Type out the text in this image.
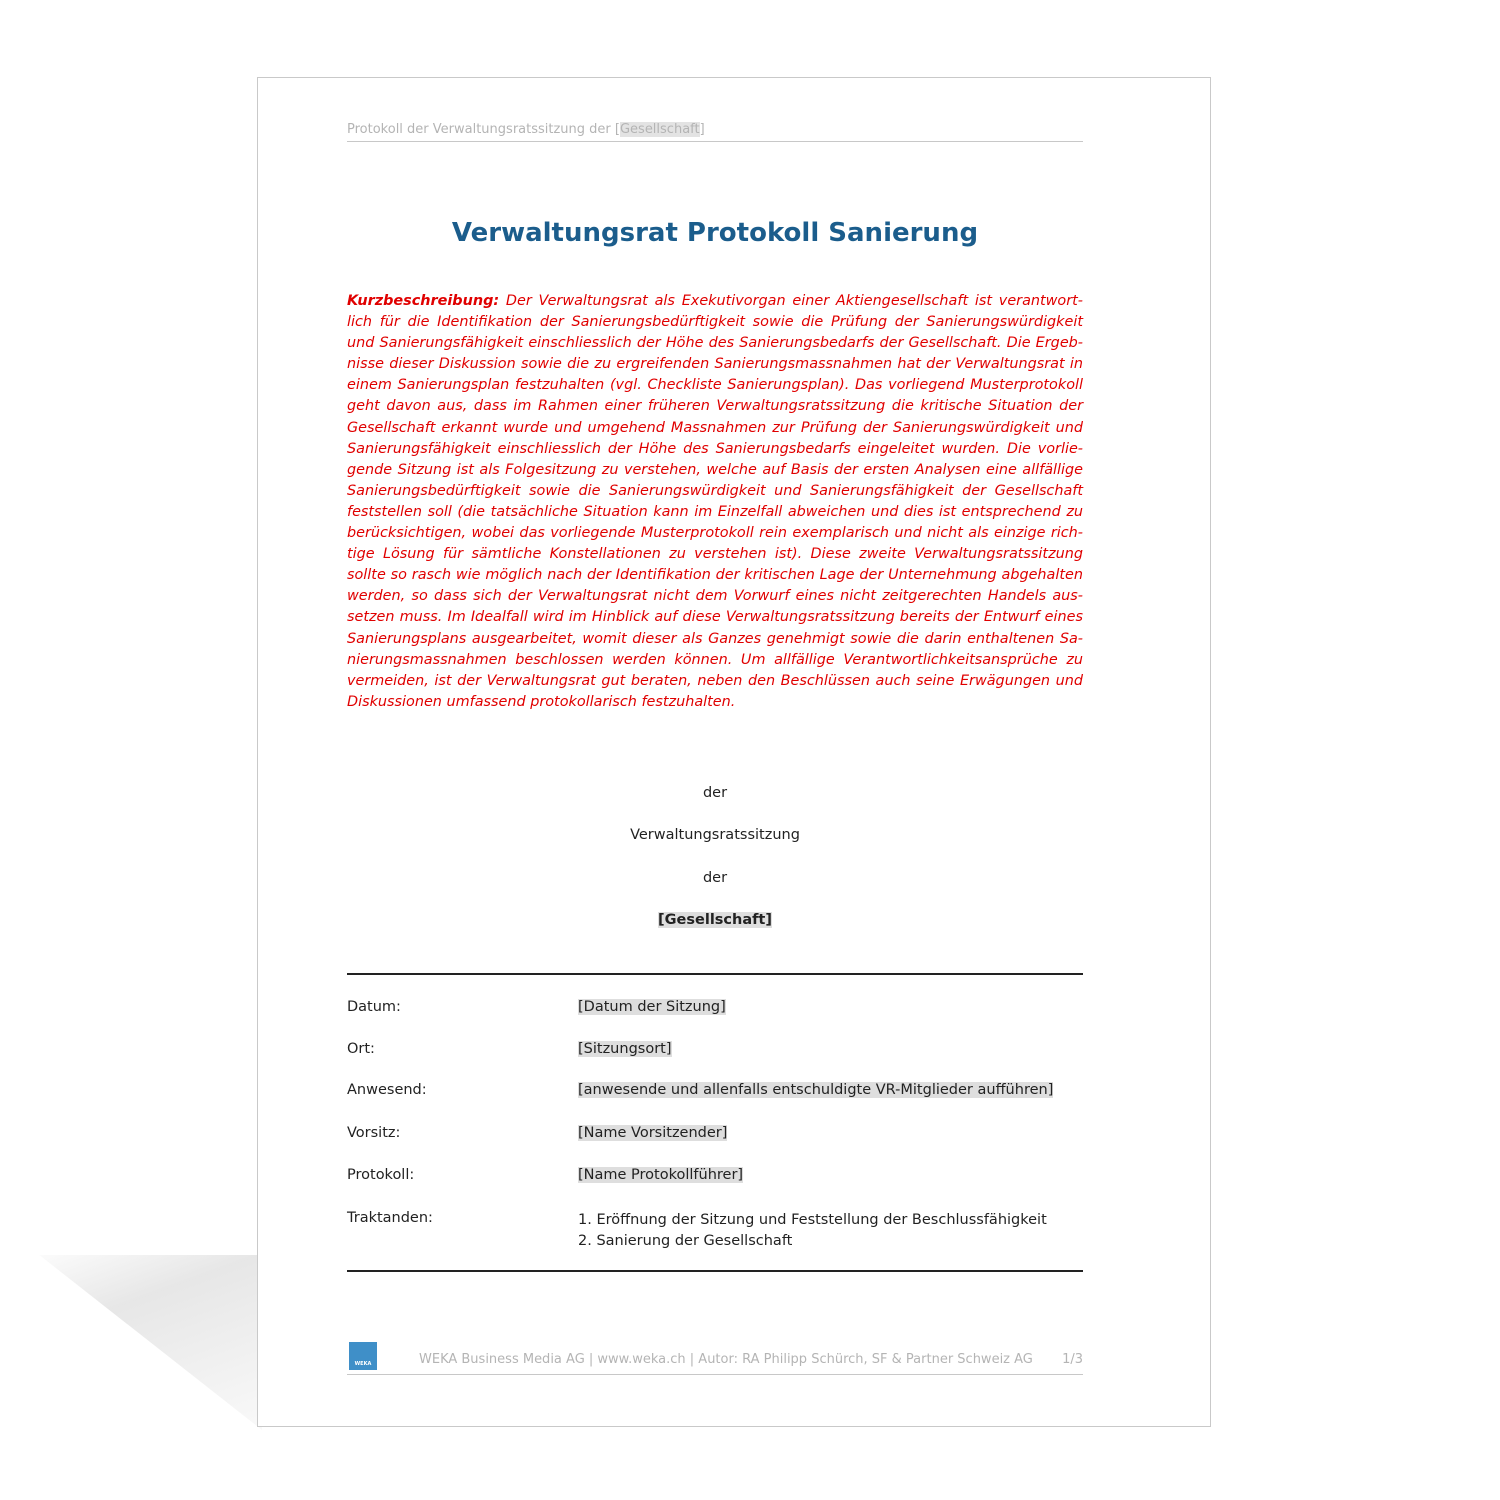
Protokoll der Verwaltungsratssitzung der [Gesellschaft]
Verwaltungsrat Protokoll Sanierung

Kurzbeschreibung: Der Verwaltungsrat als Exekutivorgan einer Aktiengesellschaft ist verantwort-lich für die Identifikation der Sanierungsbedürftigkeit sowie die Prüfung der Sanierungswürdigkeit und Sanierungsfähigkeit einschliesslich der Höhe des Sanierungsbedarfs der Gesellschaft. Die Ergeb-nisse dieser Diskussion sowie die zu ergreifenden Sanierungsmassnahmen hat der Verwaltungsrat in einem Sanierungsplan festzuhalten (vgl. Checkliste Sanierungsplan). Das vorliegend Musterprotokoll geht davon aus, dass im Rahmen einer früheren Verwaltungsratssitzung die kritische Situation der Gesellschaft erkannt wurde und umgehend Massnahmen zur Prüfung der Sanierungswürdigkeit und Sanierungsfähigkeit einschliesslich der Höhe des Sanierungsbedarfs eingeleitet wurden. Die vorlie-gende Sitzung ist als Folgesitzung zu verstehen, welche auf Basis der ersten Analysen eine allfällige Sanierungsbedürftigkeit sowie die Sanierungswürdigkeit und Sanierungsfähigkeit der Gesellschaft feststellen soll (die tatsächliche Situation kann im Einzelfall abweichen und dies ist entsprechend zu berücksichtigen, wobei das vorliegende Musterprotokoll rein exemplarisch und nicht als einzige rich-tige Lösung für sämtliche Konstellationen zu verstehen ist). Diese zweite Verwaltungsratssitzung sollte so rasch wie möglich nach der Identifikation der kritischen Lage der Unternehmung abgehalten werden, so dass sich der Verwaltungsrat nicht dem Vorwurf eines nicht zeitgerechten Handels aus-setzen muss. Im Idealfall wird im Hinblick auf diese Verwaltungsratssitzung bereits der Entwurf eines Sanierungsplans ausgearbeitet, womit dieser als Ganzes genehmigt sowie die darin enthaltenen Sa-nierungsmassnahmen beschlossen werden können. Um allfällige Verantwortlichkeitsansprüche zu vermeiden, ist der Verwaltungsrat gut beraten, neben den Beschlüssen auch seine Erwägungen und Diskussionen umfassend protokollarisch festzuhalten.

der
Verwaltungsratssitzung
der
[Gesellschaft]
Datum:	[Datum der Sitzung]
Ort:	[Sitzungsort]
Anwesend:	[anwesende und allenfalls entschuldigte VR-Mitglieder aufführen]
Vorsitz:	[Name Vorsitzender]
Protokoll:	[Name Protokollführer]
Traktanden:	1. Eröffnung der Sitzung und Feststellung der Beschlussfähigkeit
2. Sanierung der Gesellschaft
WEKA	WEKA Business Media AG | www.weka.ch | Autor: RA Philipp Schürch, SF & Partner Schweiz AG 1/3
